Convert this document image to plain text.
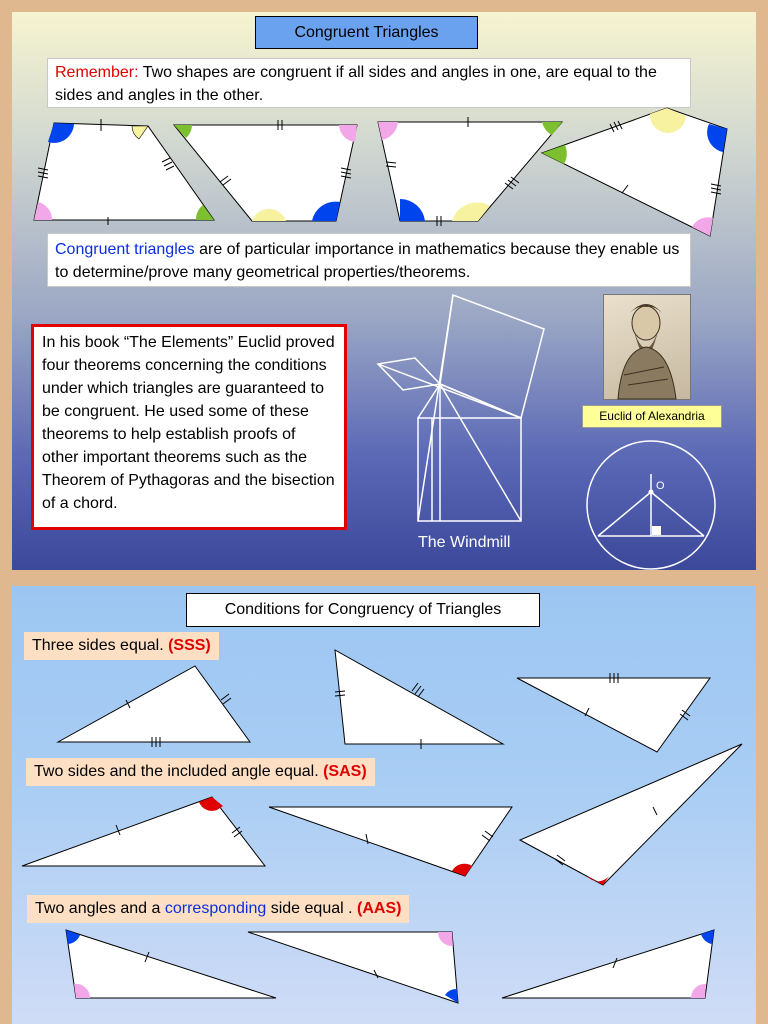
Congruent Triangles
Remember: Two shapes are congruent if all sides and angles in one, are equal to the sides and angles in the other.
Congruent triangles are of particular importance in mathematics because they enable us to determine/prove many geometrical properties/theorems.
In his book “The Elements” Euclid proved four theorems concerning the conditions under which triangles are guaranteed to be congruent. He used some of these theorems to help establish proofs of other important theorems such as the Theorem of Pythagoras and the bisection of a chord.
The Windmill
Euclid of Alexandria
O
Conditions for Congruency of Triangles
Three sides equal. (SSS)
Two sides and the included angle equal. (SAS)
Two angles and a corresponding side equal . (AAS)
